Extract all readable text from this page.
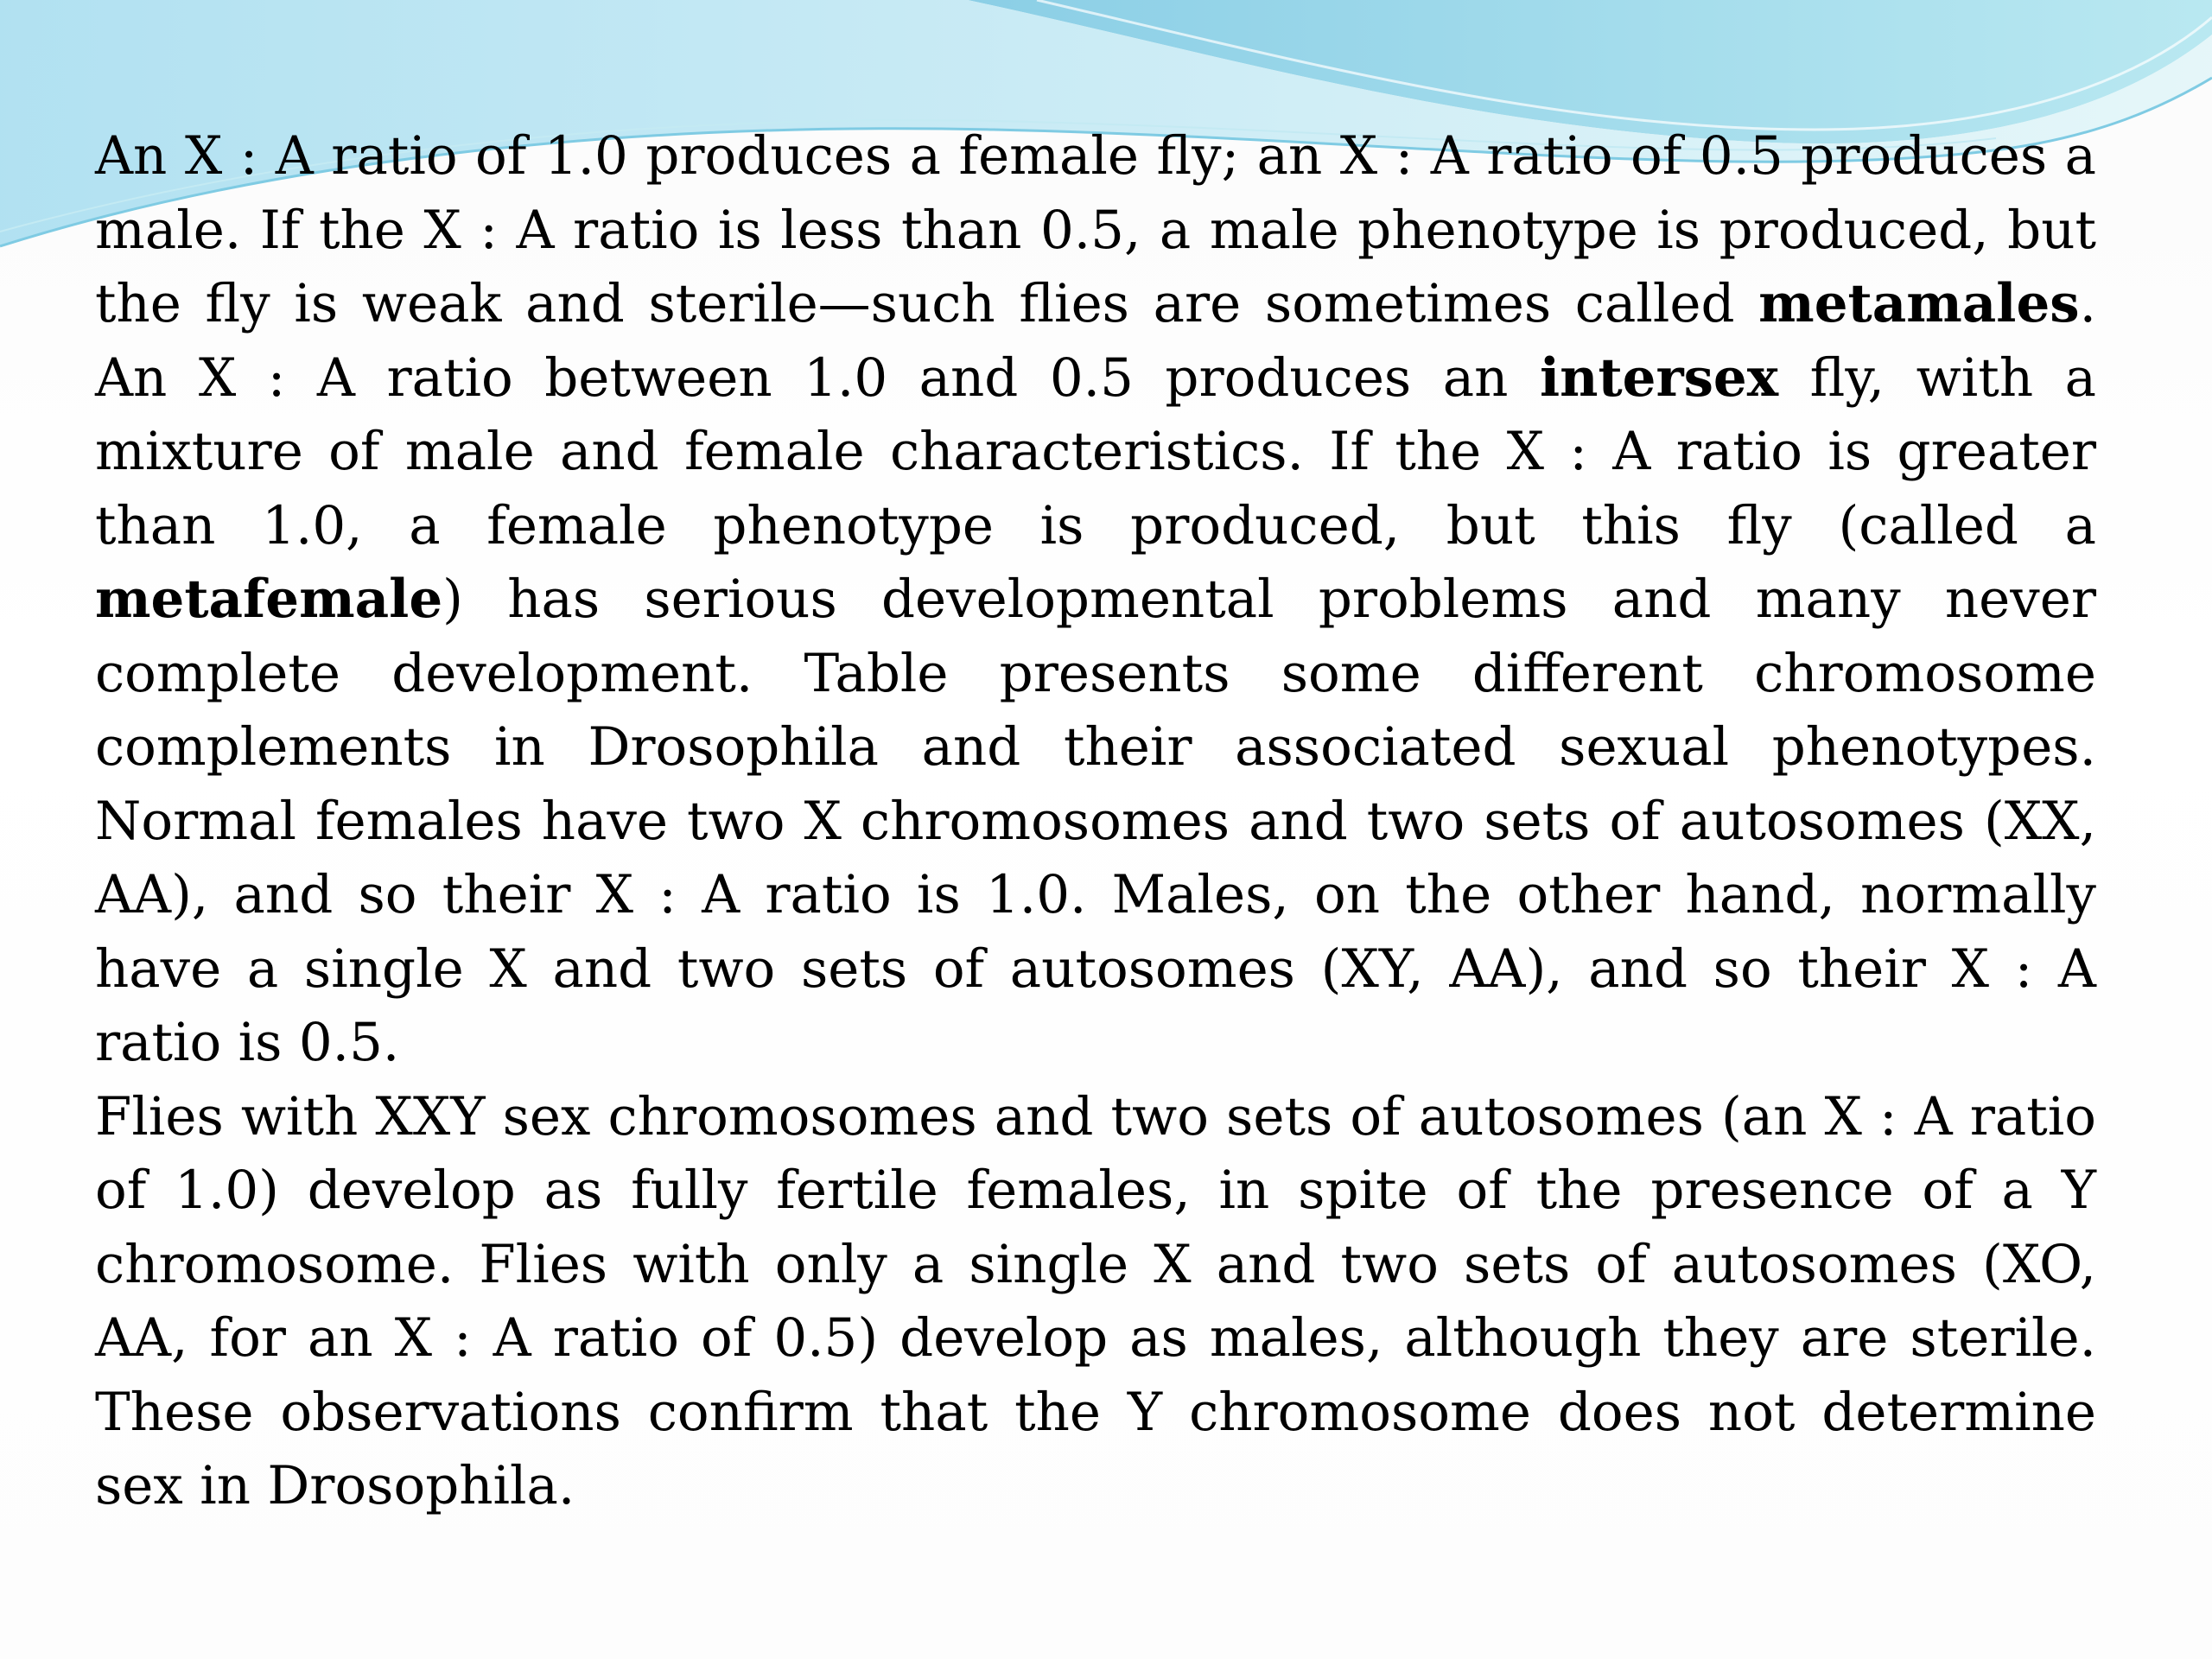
An X : A ratio of 1.0 produces a female fly; an X : A ratio of 0.5 produces a male. If the X : A ratio is less than 0.5, a male phenotype is produced, but the fly is weak and sterile—such flies are sometimes called metamales. An X : A ratio between 1.0 and 0.5 produces an intersex fly, with a mixture of male and female characteristics. If the X : A ratio is greater than 1.0, a female phenotype is produced, but this fly (called a metafemale) has serious developmental problems and many never complete development. Table presents some different chromosome complements in Drosophila and their associated sexual phenotypes. Normal females have two X chromosomes and two sets of autosomes (XX, AA), and so their X : A ratio is 1.0. Males, on the other hand, normally have a single X and two sets of autosomes (XY, AA), and so their X : A ratio is 0.5.

Flies with XXY sex chromosomes and two sets of autosomes (an X : A ratio of 1.0) develop as fully fertile females, in spite of the presence of a Y chromosome. Flies with only a single X and two sets of autosomes (XO, AA, for an X : A ratio of 0.5) develop as males, although they are sterile. These observations confirm that the Y chromosome does not determine sex in Drosophila.
